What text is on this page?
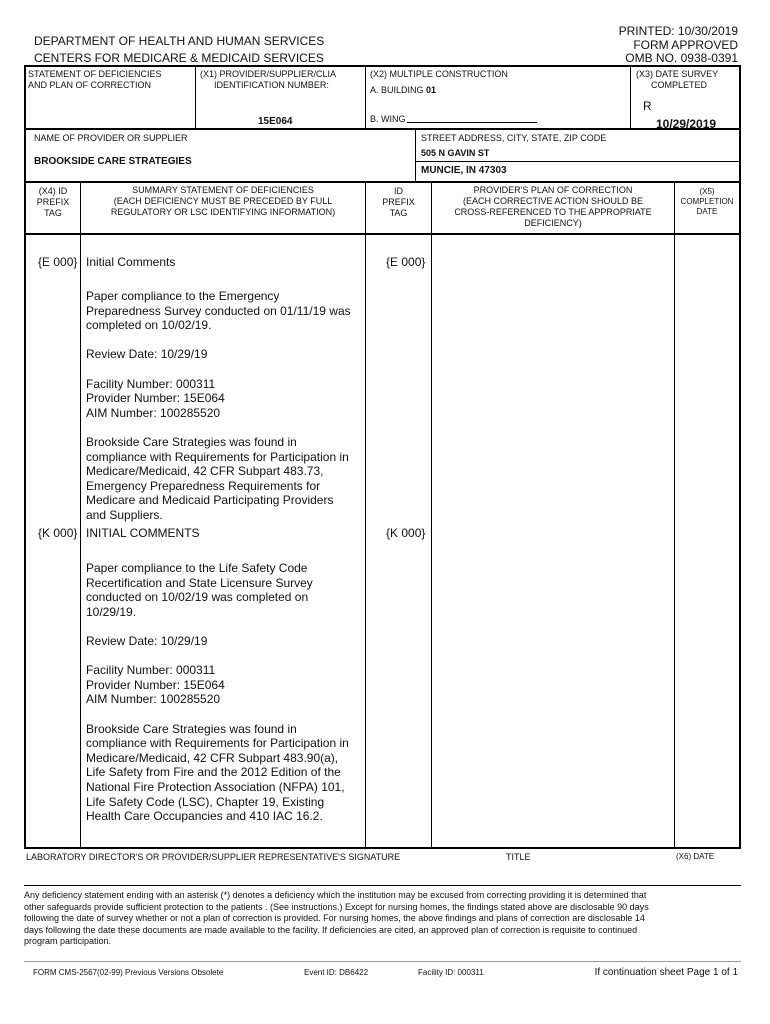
PRINTED: 10/30/2019
FORM APPROVED
OMB NO. 0938-0391
DEPARTMENT OF HEALTH AND HUMAN SERVICES
CENTERS FOR MEDICARE & MEDICAID SERVICES
STATEMENT OF DEFICIENCIES
AND PLAN OF CORRECTION
(X1) PROVIDER/SUPPLIER/CLIA
IDENTIFICATION NUMBER:
15E064
(X2) MULTIPLE CONSTRUCTION
A. BUILDING 01
B. WING
(X3) DATE SURVEY
COMPLETED
R
10/29/2019
NAME OF PROVIDER OR SUPPLIER
BROOKSIDE CARE STRATEGIES
STREET ADDRESS, CITY, STATE, ZIP CODE
505 N GAVIN ST
MUNCIE, IN 47303
(X4) ID
PREFIX
TAG
SUMMARY STATEMENT OF DEFICIENCIES
(EACH DEFICIENCY MUST BE PRECEDED BY FULL
REGULATORY OR LSC IDENTIFYING INFORMATION)
ID
PREFIX
TAG
PROVIDER'S PLAN OF CORRECTION
(EACH CORRECTIVE ACTION SHOULD BE
CROSS-REFERENCED TO THE APPROPRIATE
DEFICIENCY)
(X5)
COMPLETION
DATE
{E 000} Initial Comments	{E 000}
Paper compliance to the Emergency
Preparedness Survey conducted on 01/11/19 was
completed on 10/02/19.

Review Date: 10/29/19

Facility Number: 000311
Provider Number: 15E064
AIM Number: 100285520

Brookside Care Strategies was found in
compliance with Requirements for Participation in
Medicare/Medicaid, 42 CFR Subpart 483.73,
Emergency Preparedness Requirements for
Medicare and Medicaid Participating Providers
and Suppliers.
{K 000} INITIAL COMMENTS	{K 000}
Paper compliance to the Life Safety Code
Recertification and State Licensure Survey
conducted on 10/02/19 was completed on
10/29/19.

Review Date: 10/29/19

Facility Number: 000311
Provider Number: 15E064
AIM Number: 100285520

Brookside Care Strategies was found in
compliance with Requirements for Participation in
Medicare/Medicaid, 42 CFR Subpart 483.90(a),
Life Safety from Fire and the 2012 Edition of the
National Fire Protection Association (NFPA) 101,
Life Safety Code (LSC), Chapter 19, Existing
Health Care Occupancies and 410 IAC 16.2.
LABORATORY DIRECTOR'S OR PROVIDER/SUPPLIER REPRESENTATIVE'S SIGNATURE	TITLE	(X6) DATE
Any deficiency statement ending with an asterisk (*) denotes a deficiency which the institution may be excused from correcting providing it is determined that
other safeguards provide sufficient protection to the patients . (See instructions.) Except for nursing homes, the findings stated above are disclosable 90 days
following the date of survey whether or not a plan of correction is provided. For nursing homes, the above findings and plans of correction are disclosable 14
days following the date these documents are made available to the facility. If deficiencies are cited, an approved plan of correction is requisite to continued
program participation.
FORM CMS-2567(02-99) Previous Versions Obsolete	Event ID: DB6422	Facility ID: 000311	If continuation sheet Page 1 of 1
